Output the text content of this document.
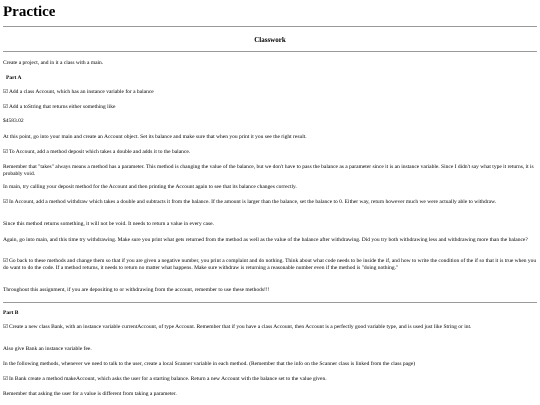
Practice
Classwork

Create a project, and in it a class with a main.

Part A

☑Add a class Account, which has an instance variable for a balance

☑Add a toString that returns either something like

$4583.02

At this point, go into your main and create an Account object. Set its balance and make sure that when you print it you see the right result.

☑To Account, add a method deposit which takes a double and adds it to the balance.

Remember that "takes" always means a method has a parameter. This method is changing the value of the balance, but we don't have to pass the balance as a parameter since it is an instance variable. Since I didn't say what type it returns, it is probably void.

In main, try calling your deposit method for the Account and then printing the Account again to see that its balance changes correctly.

☑In Account, add a method withdraw which takes a double and subtracts it from the balance. If the amount is larger than the balance, set the balance to 0. Either way, return however much we were actually able to withdraw.

Since this method returns something, it will not be void. It needs to return a value in every case.

Again, go into main, and this time try withdrawing. Make sure you print what gets returned from the method as well as the value of the balance after withdrawing. Did you try both withdrawing less and withdrawing more than the balance?

☑Go back to these methods and change them so that if you are given a negative number, you print a complaint and do nothing. Think about what code needs to be inside the if, and how to write the condition of the if so that it is true when you do want to do the code. If a method returns, it needs to return no matter what happens. Make sure withdraw is returning a reasonable number even if the method is "doing nothing."

Throughout this assignment, if you are depositing to or withdrawing from the account, remember to use these methods!!!

Part B

☑Create a new class Bank, with an instance variable currentAccount, of type Account. Remember that if you have a class Account, then Account is a perfectly good variable type, and is used just like String or int.

Also give Bank an instance variable fee.

In the following methods, whenever we need to talk to the user, create a local Scanner variable in each method. (Remember that the info on the Scanner class is linked from the class page)

☑In Bank create a method makeAccount, which asks the user for a starting balance. Return a new Account with the balance set to the value given.

Remember that asking the user for a value is different from taking a parameter.
